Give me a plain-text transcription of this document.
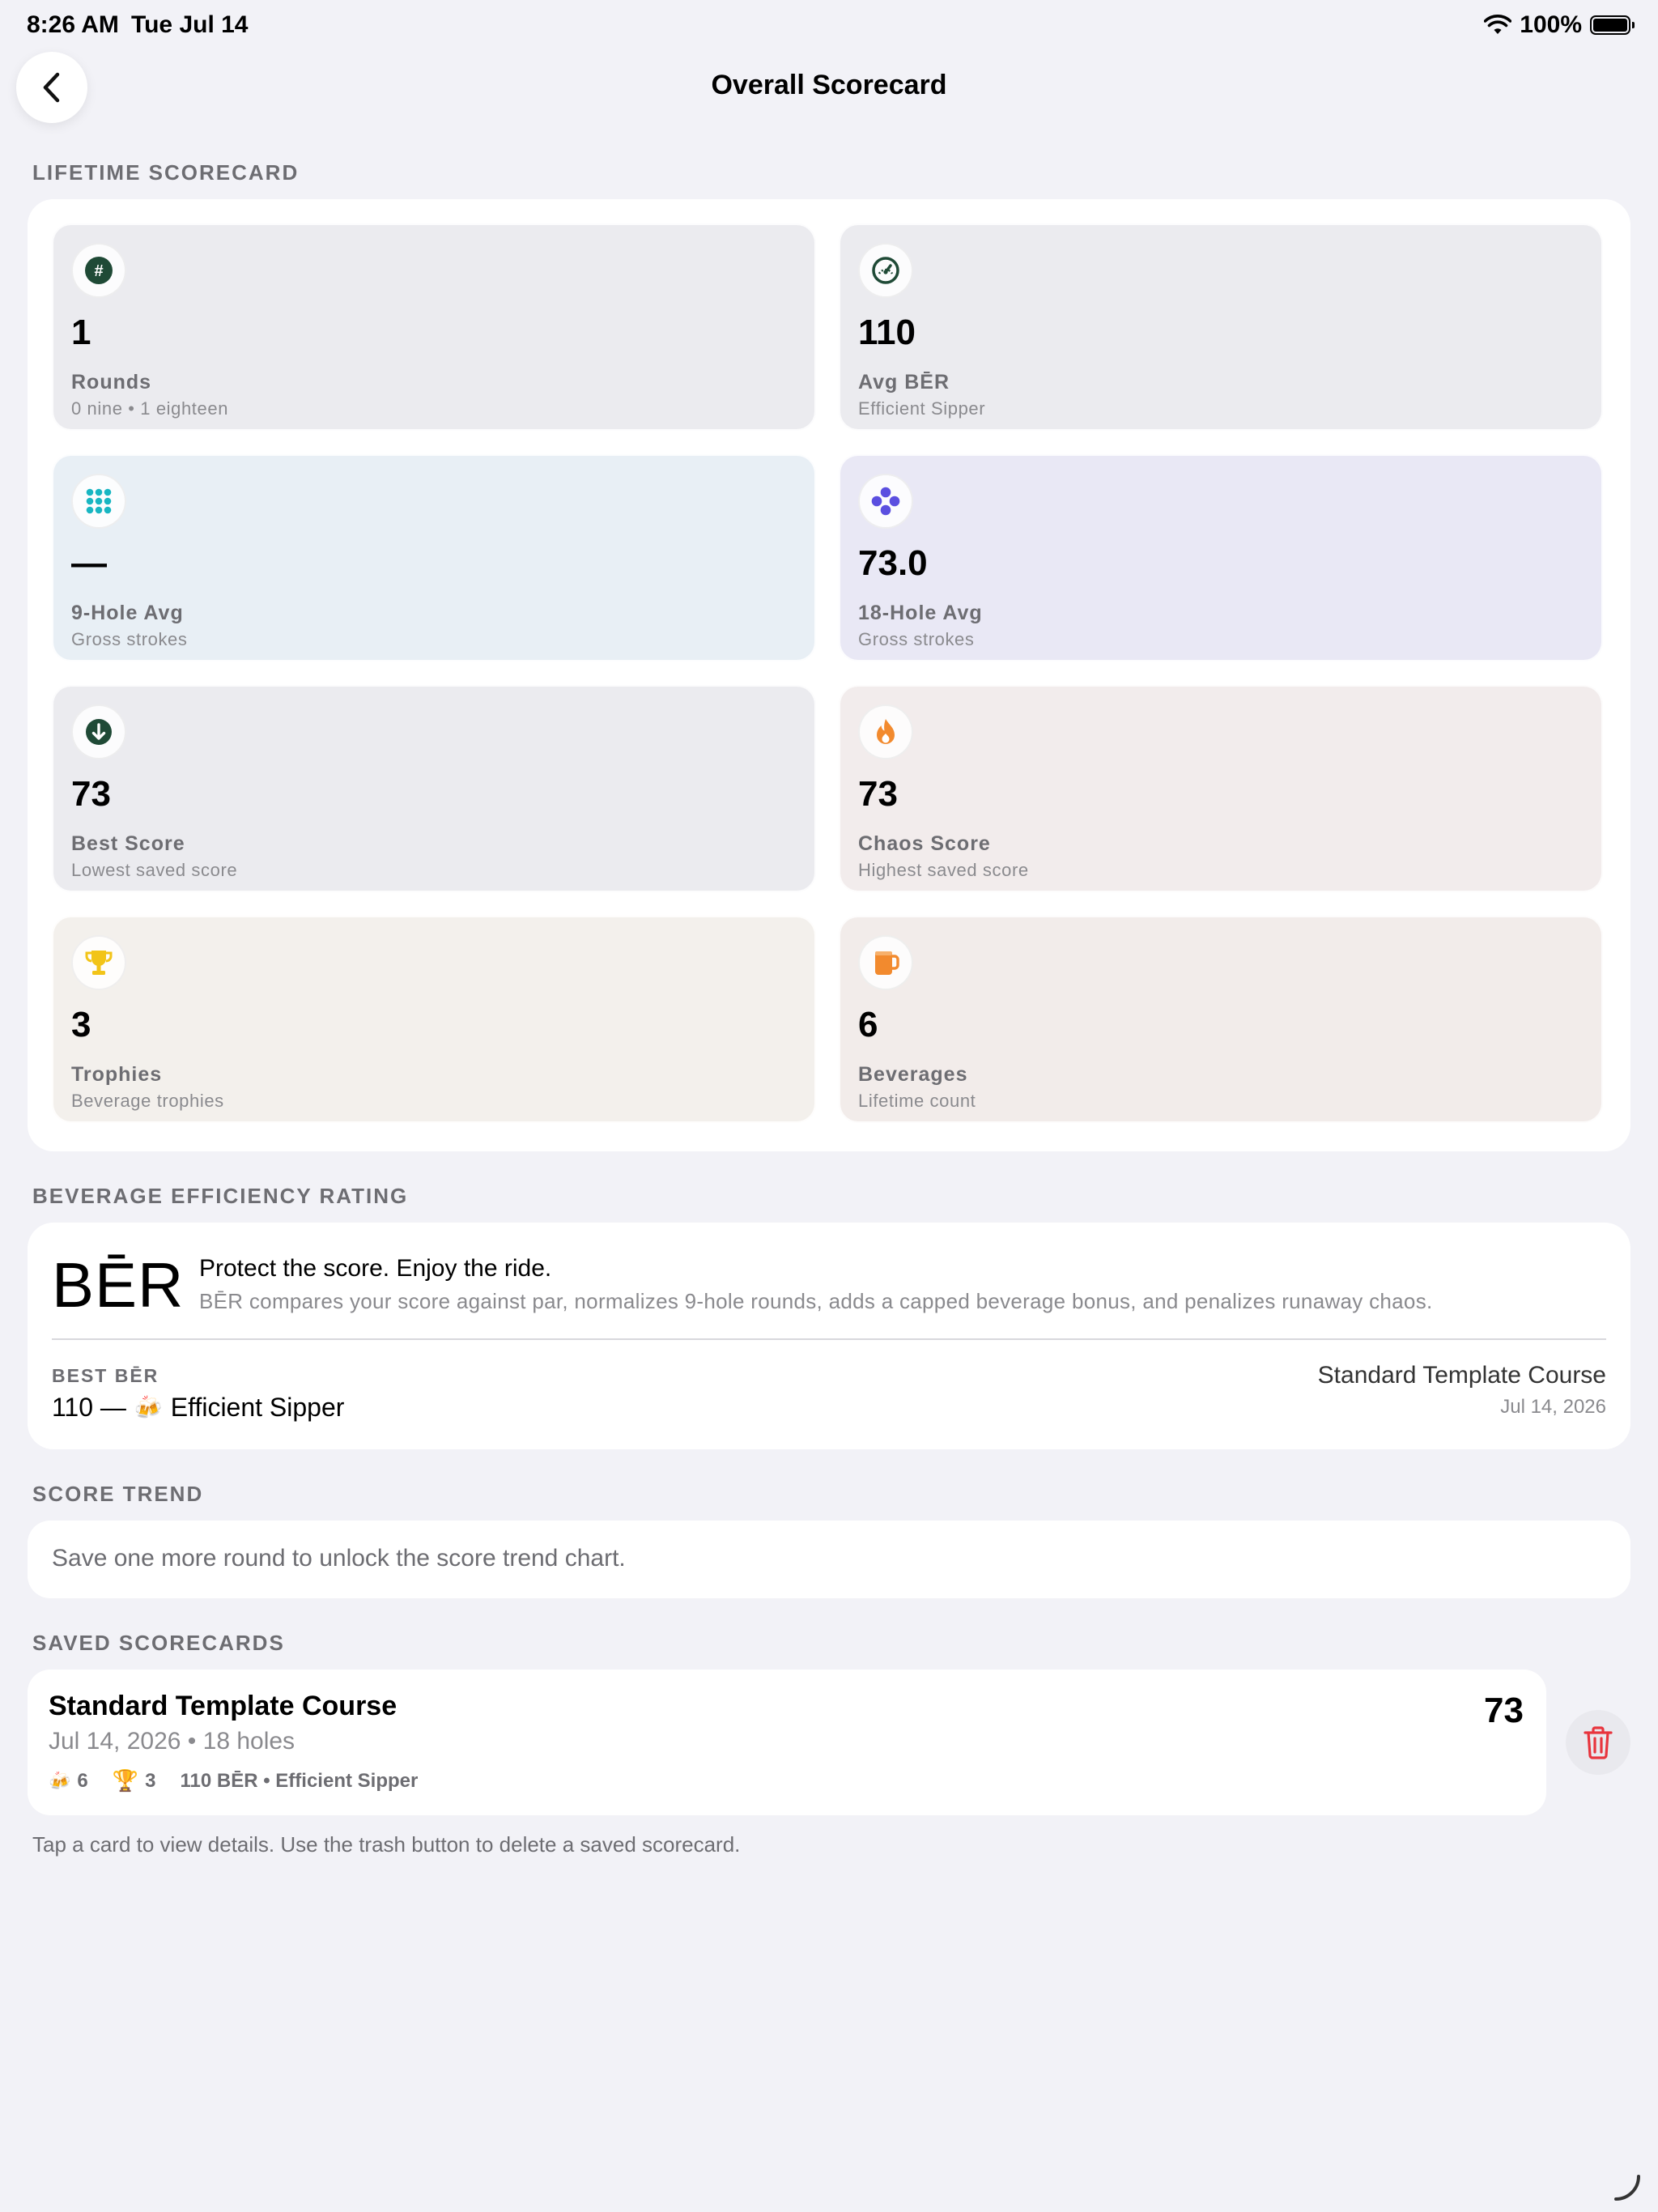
8:26 AM Tue Jul 14	100%
Overall Scorecard
LIFETIME SCORECARD
#
1
Rounds
0 nine • 1 eighteen
110
Avg BĒR
Efficient Sipper
—
9-Hole Avg
Gross strokes
73.0
18-Hole Avg
Gross strokes
73
Best Score
Lowest saved score
73
Chaos Score
Highest saved score
3
Trophies
Beverage trophies
6
Beverages
Lifetime count
BEVERAGE EFFICIENCY RATING
BĒR Protect the score. Enjoy the ride.
BĒR compares your score against par, normalizes 9-hole rounds, adds a capped beverage bonus, and penalizes runaway chaos.
BEST BĒR
110 — 🍻 Efficient Sipper
Standard Template Course
Jul 14, 2026
SCORE TREND
Save one more round to unlock the score trend chart.
SAVED SCORECARDS
Standard Template Course
Jul 14, 2026 • 18 holes
🍻 6 🏆 3 110 BĒR • Efficient Sipper
73
Tap a card to view details. Use the trash button to delete a saved scorecard.
